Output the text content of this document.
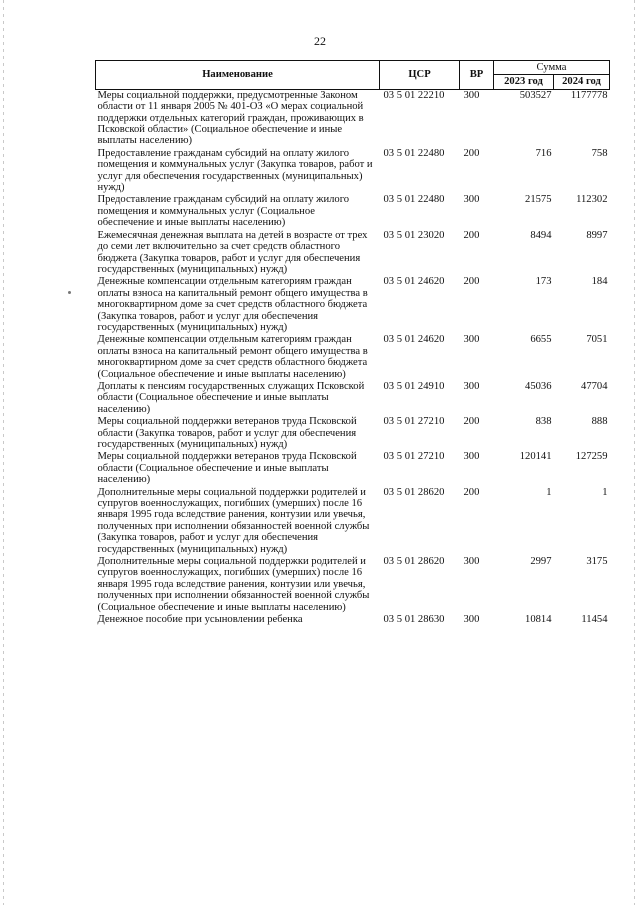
22
Наименование	ЦСР	ВР	Сумма	
			2023 год	2024 год
Меры социальной поддержки, предусмотренные Законом области от 11 января 2005 № 401-ОЗ «О мерах социальной поддержки отдельных категорий граждан, проживающих в Псковской области» (Социальное обеспечение и иные выплаты населению)	03 5 01 22210	300	503527	1177778
Предоставление гражданам субсидий на оплату жилого помещения и коммунальных услуг (Закупка товаров, работ и услуг для обеспечения государственных (муниципальных) нужд)	03 5 01 22480	200	716	758
Предоставление гражданам субсидий на оплату жилого помещения и коммунальных услуг (Социальное обеспечение и иные выплаты населению)	03 5 01 22480	300	21575	112302
Ежемесячная денежная выплата на детей в возрасте от трех до семи лет включительно за счет средств областного бюджета (Закупка товаров, работ и услуг для обеспечения государственных (муниципальных) нужд)	03 5 01 23020	200	8494	8997
Денежные компенсации отдельным категориям граждан оплаты взноса на капитальный ремонт общего имущества в многоквартирном доме за счет средств областного бюджета (Закупка товаров, работ и услуг для обеспечения государственных (муниципальных) нужд)	03 5 01 24620	200	173	184
Денежные компенсации отдельным категориям граждан оплаты взноса на капитальный ремонт общего имущества в многоквартирном доме за счет средств областного бюджета (Социальное обеспечение и иные выплаты населению)	03 5 01 24620	300	6655	7051
Доплаты к пенсиям государственных служащих Псковской области (Социальное обеспечение и иные выплаты населению)	03 5 01 24910	300	45036	47704
Меры социальной поддержки ветеранов труда Псковской области (Закупка товаров, работ и услуг для обеспечения государственных (муниципальных) нужд)	03 5 01 27210	200	838	888
Меры социальной поддержки ветеранов труда Псковской области (Социальное обеспечение и иные выплаты населению)	03 5 01 27210	300	120141	127259
Дополнительные меры социальной поддержки родителей и супругов военнослужащих, погибших (умерших) после 16 января 1995 года вследствие ранения, контузии или увечья, полученных при исполнении обязанностей военной службы (Закупка товаров, работ и услуг для обеспечения государственных (муниципальных) нужд)	03 5 01 28620	200	1	1
Дополнительные меры социальной поддержки родителей и супругов военнослужащих, погибших (умерших) после 16 января 1995 года вследствие ранения, контузии или увечья, полученных при исполнении обязанностей военной службы (Социальное обеспечение и иные выплаты населению)	03 5 01 28620	300	2997	3175
Денежное пособие при усыновлении ребенка	03 5 01 28630	300	10814	11454
